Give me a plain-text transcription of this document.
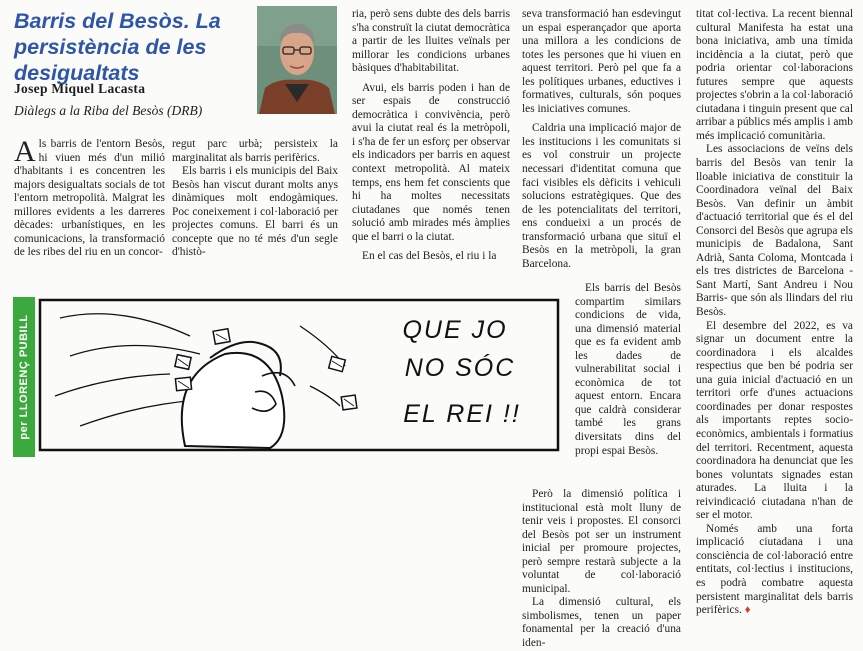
Barris del Besòs. La persistència de les desigualtats
Josep Miquel Lacasta
Diàlegs a la Riba del Besòs (DRB)

Als barris de l'entorn Besòs, hi viuen més d'un milió d'habitants i es concentren les majors desigualtats socials de tot l'entorn metropolità. Malgrat les millores evidents a les darreres dècades: urbanístiques, en les comunicacions, la transformació de les ribes del riu en un concor-

regut parc urbà; persisteix la marginalitat als barris perifèrics.

Els barris i els municipis del Baix Besòs han viscut durant molts anys dinàmiques molt endogàmiques. Poc coneixement i col·laboració per projectes comuns. El barri és un concepte que no té més d'un segle d'histò-

ria, però sens dubte des dels barris s'ha construït la ciutat democràtica a partir de les lluites veïnals per millorar les condicions urbanes bàsiques d'habitabilitat.

Avui, els barris poden i han de ser espais de construcció democràtica i convivència, però avui la ciutat real és la metròpoli, i s'ha de fer un esforç per observar els indicadors per barris en aquest context metropolità. Al mateix temps, ens hem fet conscients que hi ha moltes necessitats ciutadanes que només tenen solució amb mirades més àmplies que el barri o la ciutat.

En el cas del Besòs, el riu i la

seva transformació han esdevingut un espai esperançador que aporta una millora a les condicions de totes les persones que hi viuen en aquest territori. Però pel que fa a les polítiques urbanes, eductives i formatives, culturals, són poques les iniciatives comunes.

Caldria una implicació major de les institucions i les comunitats si es vol construir un projecte necessari d'identitat comuna que faci visibles els dèficits i vehiculi solucions estratègiques. Que des de les potencialitats del territori, ens condueixi a un procés de transformació urbana que situï el Besòs en la metròpoli, la gran Barcelona.

Els barris del Besòs compartim similars condicions de vida, una dimensió material que es fa evident amb les dades de vulnerabilitat social i econòmica de tot aquest entorn. Encara que caldrà considerar també les grans diversitats dins del propi espai Besòs.

Però la dimensió política i institucional està molt lluny de tenir veis i propostes. El consorci del Besòs pot ser un instrument inicial per promoure projectes, però sempre restarà subjecte a la voluntat de col·laboració municipal.

La dimensió cultural, els simbolismes, tenen un paper fonamental per la creació d'una iden-

titat col·lectiva. La recent biennal cultural Manifesta ha estat una bona iniciativa, amb una tímida incidència a la ciutat, però que podria orientar col·laboracions futures sempre que aquests projectes s'obrin a la col·laboració ciutadana i tinguin present que cal arribar a públics més amplis i amb més implicació comunitària.

Les associacions de veïns dels barris del Besòs van tenir la lloable iniciativa de constituir la Coordinadora veïnal del Baix Besòs. Van definir un àmbit d'actuació territorial que és el del Consorci del Besòs que agrupa els municipis de Badalona, Sant Adrià, Santa Coloma, Montcada i els tres districtes de Barcelona -Sant Martí, Sant Andreu i Nou Barris- que són als llindars del riu Besòs.

El desembre del 2022, es va signar un document entre la coordinadora i els alcaldes respectius que ben bé podria ser una guia inicial d'actuació en un territori orfe d'unes actuacions coordinades per donar respostes als importants reptes socio-econòmics, ambientals i formatius del territori. Recentment, aquesta coordinadora ha denunciat que les bones voluntats signades estan aturades. La lluita i la reivindicació ciutadana n'han de ser el motor.

Només amb una forta implicació ciutadana i una consciència de col·laboració entre entitats, col·lectius i institucions, es podrà combatre aquesta persistent marginalitat dels barris perifèrics. ♦

QUE JO
NO SÓC
EL REI !!
per LLORENÇ PUBILL
